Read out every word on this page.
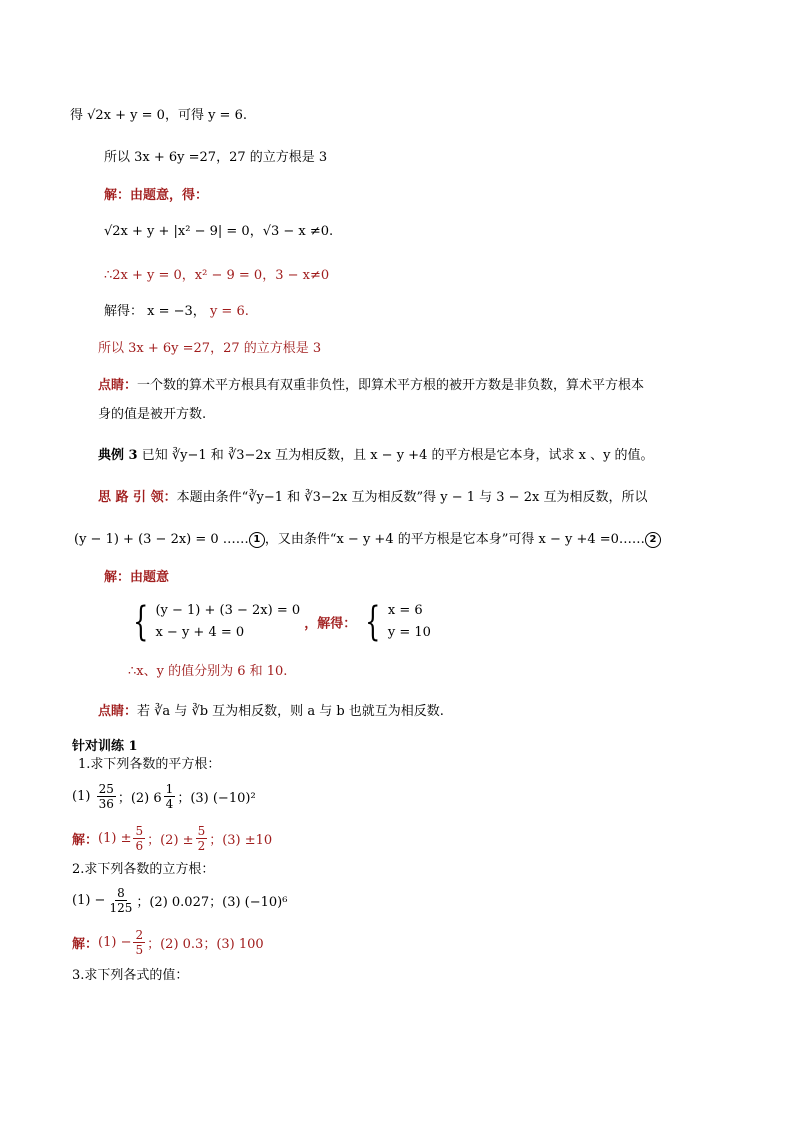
得 √2x + y = 0，可得 y = 6.
所以 3x + 6y =27，27 的立方根是 3
解：由题意，得：
√2x + y + |x² − 9| = 0，√3 − x ≠0.
∴2x + y = 0，x² − 9 = 0，3 − x≠0
解得： x = −3， y = 6.
所以 3x + 6y =27，27 的立方根是 3
点睛：一个数的算术平方根具有双重非负性，即算术平方根的被开方数是非负数，算术平方根本
身的值是被开方数.
典例 3 已知 ∛y−1 和 ∛3−2x 互为相反数，且 x − y +4 的平方根是它本身，试求 x 、y 的值。
思 路 引 领：本题由条件“∛y−1 和 ∛3−2x 互为相反数”得 y − 1 与 3 − 2x 互为相反数，所以
(y − 1) + (3 − 2x) = 0 …… 1 ，又由条件“x − y +4 的平方根是它本身”可得 x − y +4 =0…… 2
解：由题意
{ (y − 1) + (3 − 2x) = 0
x − y + 4 = 0
，解得： { x = 6
y = 10
∴x、y 的值分别为 6 和 10.
点睛：若 ∛a 与 ∛b 互为相反数，则 a 与 b 也就互为相反数.
针对训练 1
1.求下列各数的平方根：
$(1) \frac{25}{36}$ ；(2) $6 \frac{1}{4}$ ；(3) (−10)²
解：$(1) \pm \frac{5}{6}$ ；$(2) \pm \frac{5}{2}$ ；(3) ±10
2.求下列各数的立方根：
$(1) - \frac{8}{125}$ ；(2) 0.027；(3) (−10)⁶
解：$(1) - \frac{2}{5}$ ；(2) 0.3；(3) 100
3.求下列各式的值：
